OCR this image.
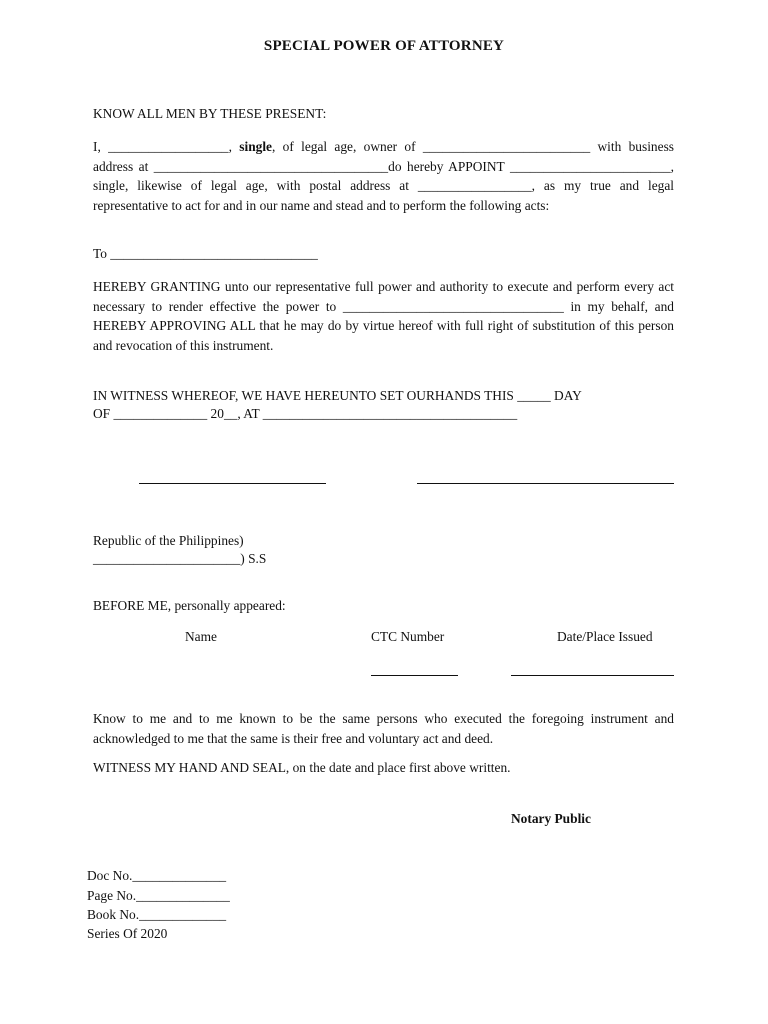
SPECIAL POWER OF ATTORNEY
KNOW ALL MEN BY THESE PRESENT:
I, __________________, single, of legal age, owner of _________________________ with business address at ___________________________________do hereby APPOINT ________________________, single, likewise of legal age, with postal address at _________________, as my true and legal representative to act for and in our name and stead and to perform the following acts:
To _______________________________
HEREBY GRANTING unto our representative full power and authority to execute and perform every act necessary to render effective the power to _________________________________ in my behalf, and HEREBY APPROVING ALL that he may do by virtue hereof with full right of substitution of this person and revocation of this instrument.
IN WITNESS WHEREOF, WE HAVE HEREUNTO SET OURHANDS THIS _____ DAY
OF ______________ 20__, AT ______________________________________
Republic of the Philippines)
______________________) S.S
BEFORE ME, personally appeared:
Name	CTC Number	Date/Place Issued
Know to me and to me known to be the same persons who executed the foregoing instrument and acknowledged to me that the same is their free and voluntary act and deed.
WITNESS MY HAND AND SEAL, on the date and place first above written.
Notary Public
Doc No.______________
Page No.______________
Book No._____________
Series Of 2020
